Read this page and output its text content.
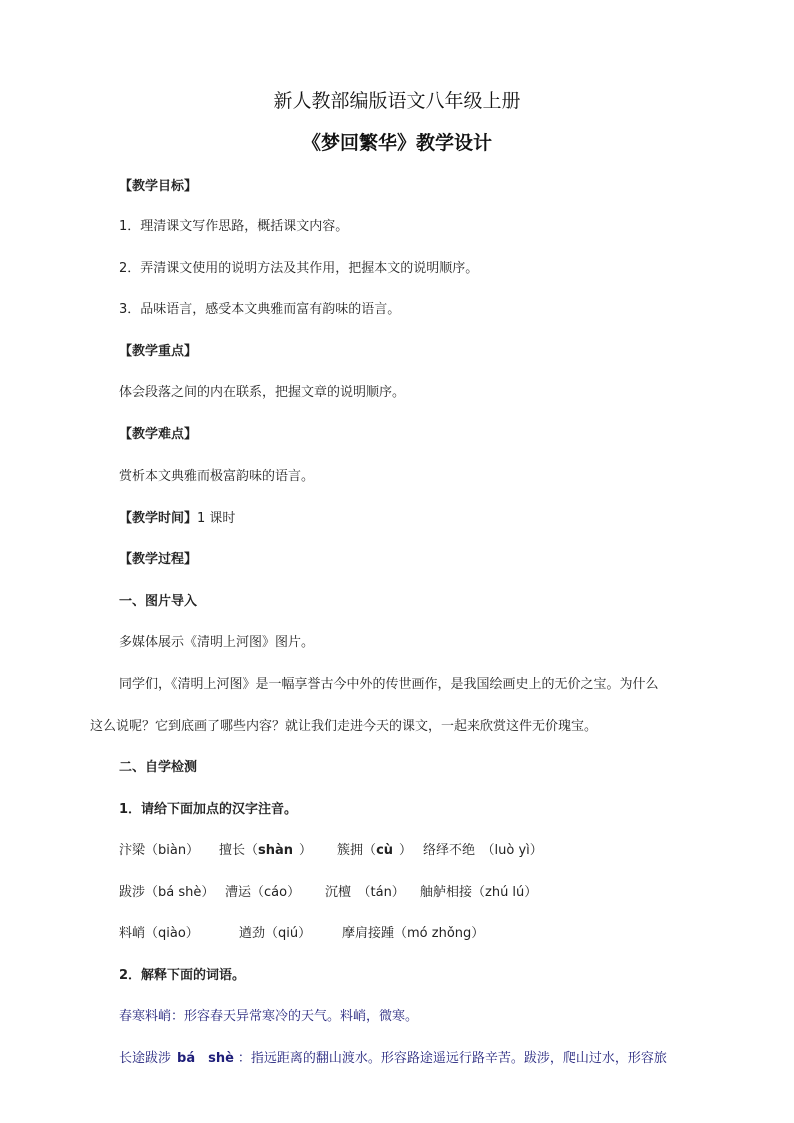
新人教部编版语文八年级上册
《梦回繁华》教学设计
【教学目标】
1．理清课文写作思路，概括课文内容。
2．弄清课文使用的说明方法及其作用，把握本文的说明顺序。
3．品味语言，感受本文典雅而富有韵味的语言。
【教学重点】
体会段落之间的内在联系，把握文章的说明顺序。
【教学难点】
赏析本文典雅而极富韵味的语言。
【教学时间】1 课时
【教学过程】
一、图片导入
多媒体展示《清明上河图》图片。
同学们，《清明上河图》是一幅享誉古今中外的传世画作，是我国绘画史上的无价之宝。为什么
这么说呢？它到底画了哪些内容？就让我们走进今天的课文，一起来欣赏这件无价瑰宝。
二、自学检测
1．请给下面加点的汉字注音。
汴梁（biàn） 擅长（shàn ） 簇拥（cù ） 络绎不绝　（luò yì）
跋涉（bá shè） 漕运（cáo） 沉檀　（tán） 舳舻相接（zhú lú）
料峭（qiào）	遒劲（qiú） 摩肩接踵（mó zhǒng）
2．解释下面的词语。
春寒料峭：形容春天异常寒冷的天气。料峭，微寒。
长途跋涉 bá　shè ：指远距离的翻山渡水。形容路途遥远行路辛苦。跋涉，爬山过水，形容旅
